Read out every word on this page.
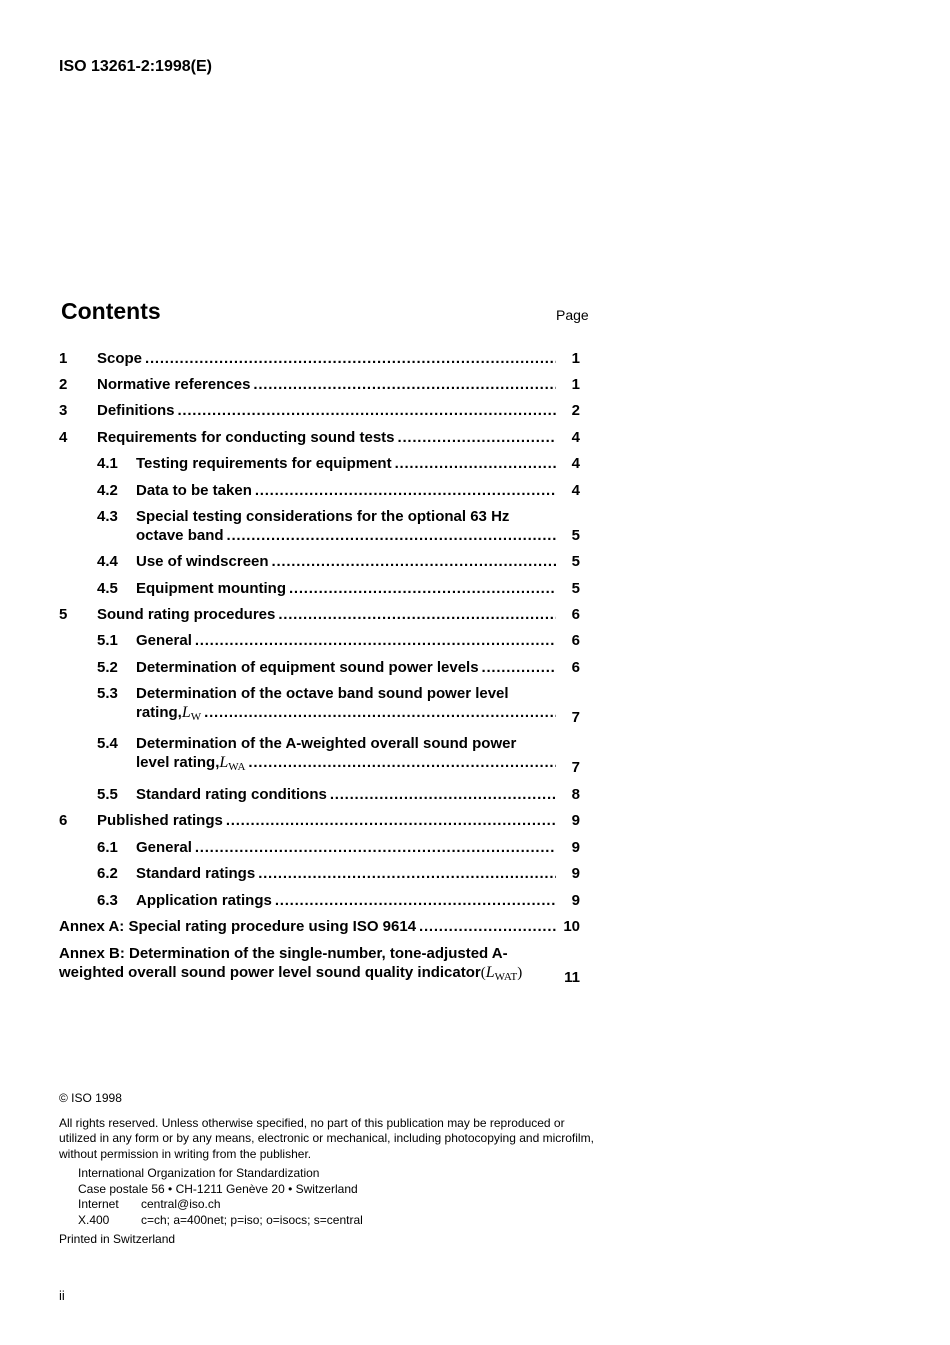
ISO 13261-2:1998(E)
Contents	Page
1 Scope . . .	1
2 Normative references . . .	1
3 Definitions . . .	2
4 Requirements for conducting sound tests . . .	4
4.1 Testing requirements for equipment . . .	4
4.2 Data to be taken . . .	4
4.3 Special testing considerations for the optional 63 Hz
octave band . . .	5
4.4 Use of windscreen . . .	5
4.5 Equipment mounting . . .	5
5 Sound rating procedures . . .	6
5.1 General . . .	6
5.2 Determination of equipment sound power levels . . .	6
5.3 Determination of the octave band sound power level
rating, $L_W$ . . .	7
5.4 Determination of the A-weighted overall sound power
level rating, $L_{WA}$ . . .	7
5.5 Standard rating conditions . . .	8
6 Published ratings . . .	9
6.1 General . . .	9
6.2 Standard ratings . . .	9
6.3 Application ratings . . .	9
Annex A: Special rating procedure using ISO 9614 . . .	10
Annex B: Determination of the single-number, tone-adjusted A-
weighted overall sound power level sound quality indicator ( $L_{WAT}$ )	11
© ISO 1998
All rights reserved. Unless otherwise specified, no part of this publication may be reproduced or utilized in any form or by any means, electronic or mechanical, including photocopying and microfilm, without permission in writing from the publisher.
International Organization for Standardization
Case postale 56 • CH-1211 Genève 20 • Switzerland
Internet central@iso.ch
X.400	c=ch; a=400net; p=iso; o=isocs; s=central
Printed in Switzerland
ii
